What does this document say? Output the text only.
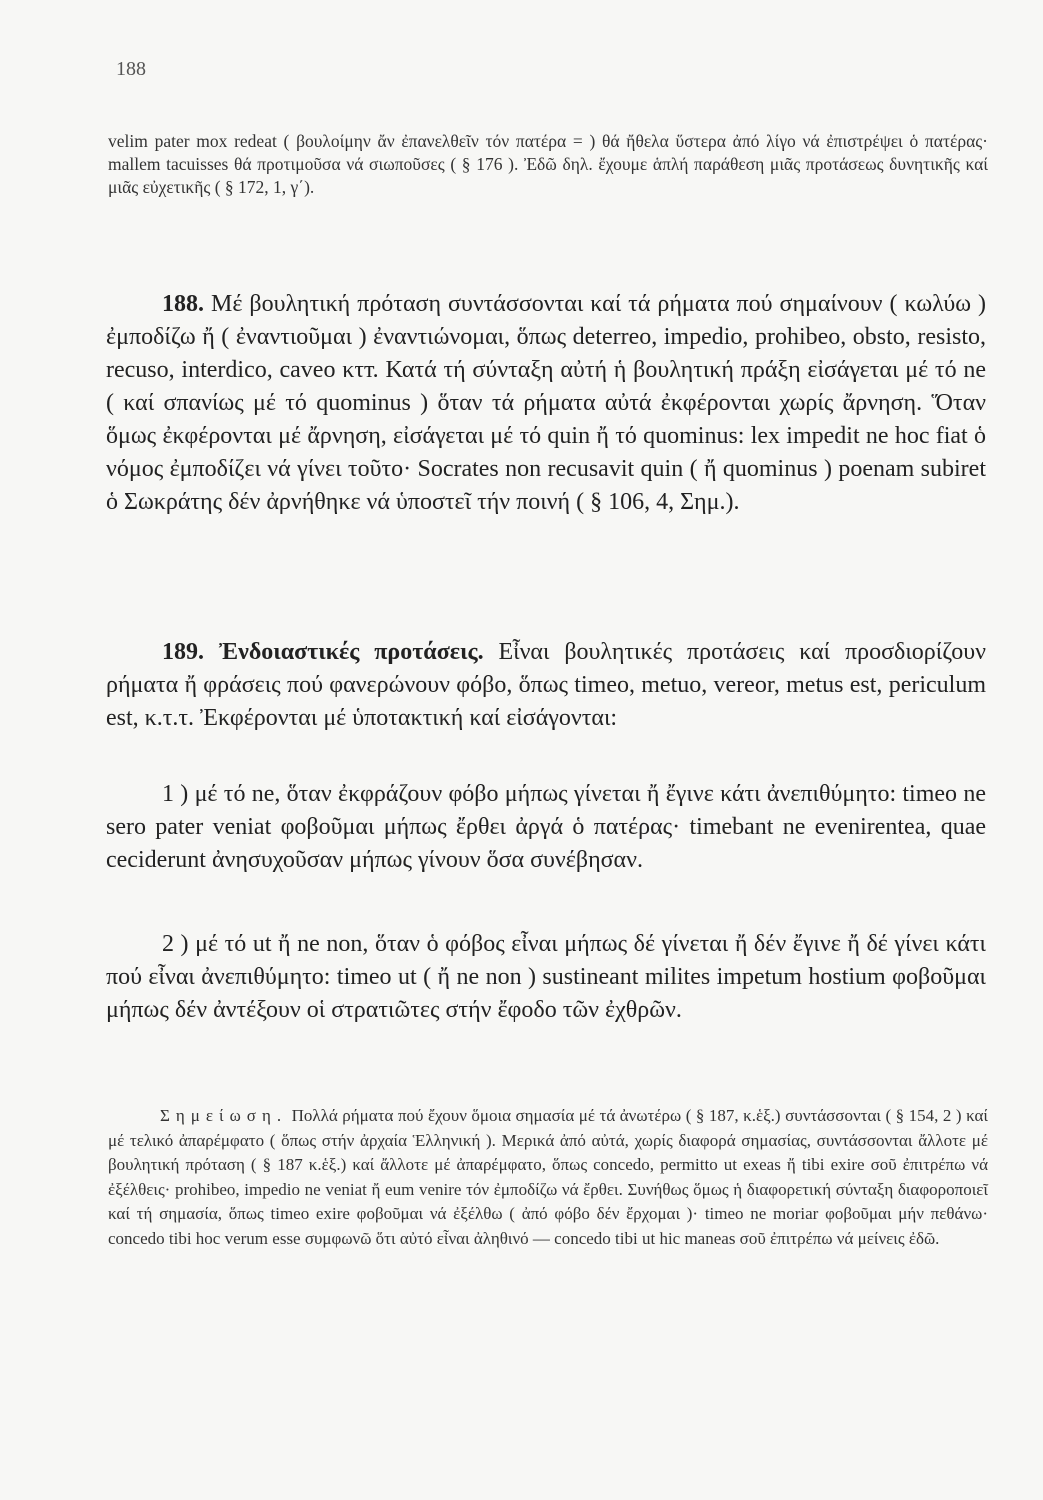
188

velim pater mox redeat ( βουλοίμην ἄν ἐπανελθεῖν τόν πατέρα = ) θά ἤθελα ὕστερα ἀπό λίγο νά ἐπιστρέψει ὁ πατέρας· mallem tacuisses θά προτιμοῦσα νά σιωποῦσες ( § 176 ). Ἐδῶ δηλ. ἔχουμε ἁπλή παράθεση μιᾶς προτάσεως δυνητικῆς καί μιᾶς εὐχετικῆς ( § 172, 1, γ΄).

188. Μέ βουλητική πρόταση συντάσσονται καί τά ρήματα πού σημαίνουν ( κωλύω ) ἐμποδίζω ἤ ( ἐναντιοῦμαι ) ἐναντιώνομαι, ὅπως deterreo, impedio, prohibeo, obsto, resisto, recuso, interdico, caveo κτт. Κατά τή σύνταξη αὐτή ἡ βουλητική πράξη εἰσάγεται μέ τό ne ( καί σπανίως μέ τό quominus ) ὅταν τά ρήματα αὐτά ἐκφέρονται χωρίς ἄρνηση. Ὅταν ὅμως ἐκφέρονται μέ ἄρνηση, εἰσάγεται μέ τό quin ἤ τό quominus: lex impedit ne hoc fiat ὁ νόμος ἐμποδίζει νά γίνει τοῦτο· Socrates non recusavit quin ( ἤ quominus ) poenam subiret ὁ Σωκράτης δέν ἀρνήθηκε νά ὑποστεῖ τήν ποινή ( § 106, 4, Σημ.).

189. Ἐνδοιαστικές προτάσεις. Εἶναι βουλητικές προτάσεις καί προσδιορίζουν ρήματα ἤ φράσεις πού φανερώνουν φόβο, ὅπως timeo, metuo, vereor, metus est, periculum est, κ.τ.τ. Ἐκφέρονται μέ ὑποτακτική καί εἰσάγονται:

1 ) μέ τό ne, ὅταν ἐκφράζουν φόβο μήπως γίνεται ἤ ἔγινε κάτι ἀνεπιθύμητο: timeo ne sero pater veniat φοβοῦμαι μήπως ἔρθει ἀργά ὁ πατέρας· timebant ne evenirentea, quae ceciderunt ἀνησυχοῦσαν μήπως γίνουν ὅσα συνέβησαν.

2 ) μέ τό ut ἤ ne non, ὅταν ὁ φόβος εἶναι μήπως δέ γίνεται ἤ δέν ἔγινε ἤ δέ γίνει κάτι πού εἶναι ἀνεπιθύμητο: timeo ut ( ἤ ne non ) sustineant milites impetum hostium φοβοῦμαι μήπως δέν ἀντέξουν οἱ στρατιῶτες στήν ἔφοδο τῶν ἐχθρῶν.

Σημείωση. Πολλά ρήματα πού ἔχουν ὅμοια σημασία μέ τά ἀνωτέρω ( § 187, κ.ἑξ.) συντάσσονται ( § 154, 2 ) καί μέ τελικό ἀπαρέμφατο ( ὅπως στήν ἀρχαία Ἑλληνική ). Μερικά ἀπό αὐτά, χωρίς διαφορά σημασίας, συντάσσονται ἄλλοτε μέ βουλητική πρόταση ( § 187 κ.ἑξ.) καί ἄλλοτε μέ ἀπαρέμφατο, ὅπως concedo, permitto ut exeas ἤ tibi exire σοῦ ἐπιτρέπω νά ἐξέλθεις· prohibeo, impedio ne veniat ἤ eum venire τόν ἐμποδίζω νά ἔρθει. Συνήθως ὅμως ἡ διαφορετική σύνταξη διαφοροποιεῖ καί τή σημασία, ὅπως timeo exire φοβοῦμαι νά ἐξέλθω ( ἀπό φόβο δέν ἔρχομαι )· timeo ne moriar φοβοῦμαι μήν πεθάνω· concedo tibi hoc verum esse συμφωνῶ ὅτι αὐτό εἶναι ἀληθινό — concedo tibi ut hic maneas σοῦ ἐπιτρέπω νά μείνεις ἐδῶ.
